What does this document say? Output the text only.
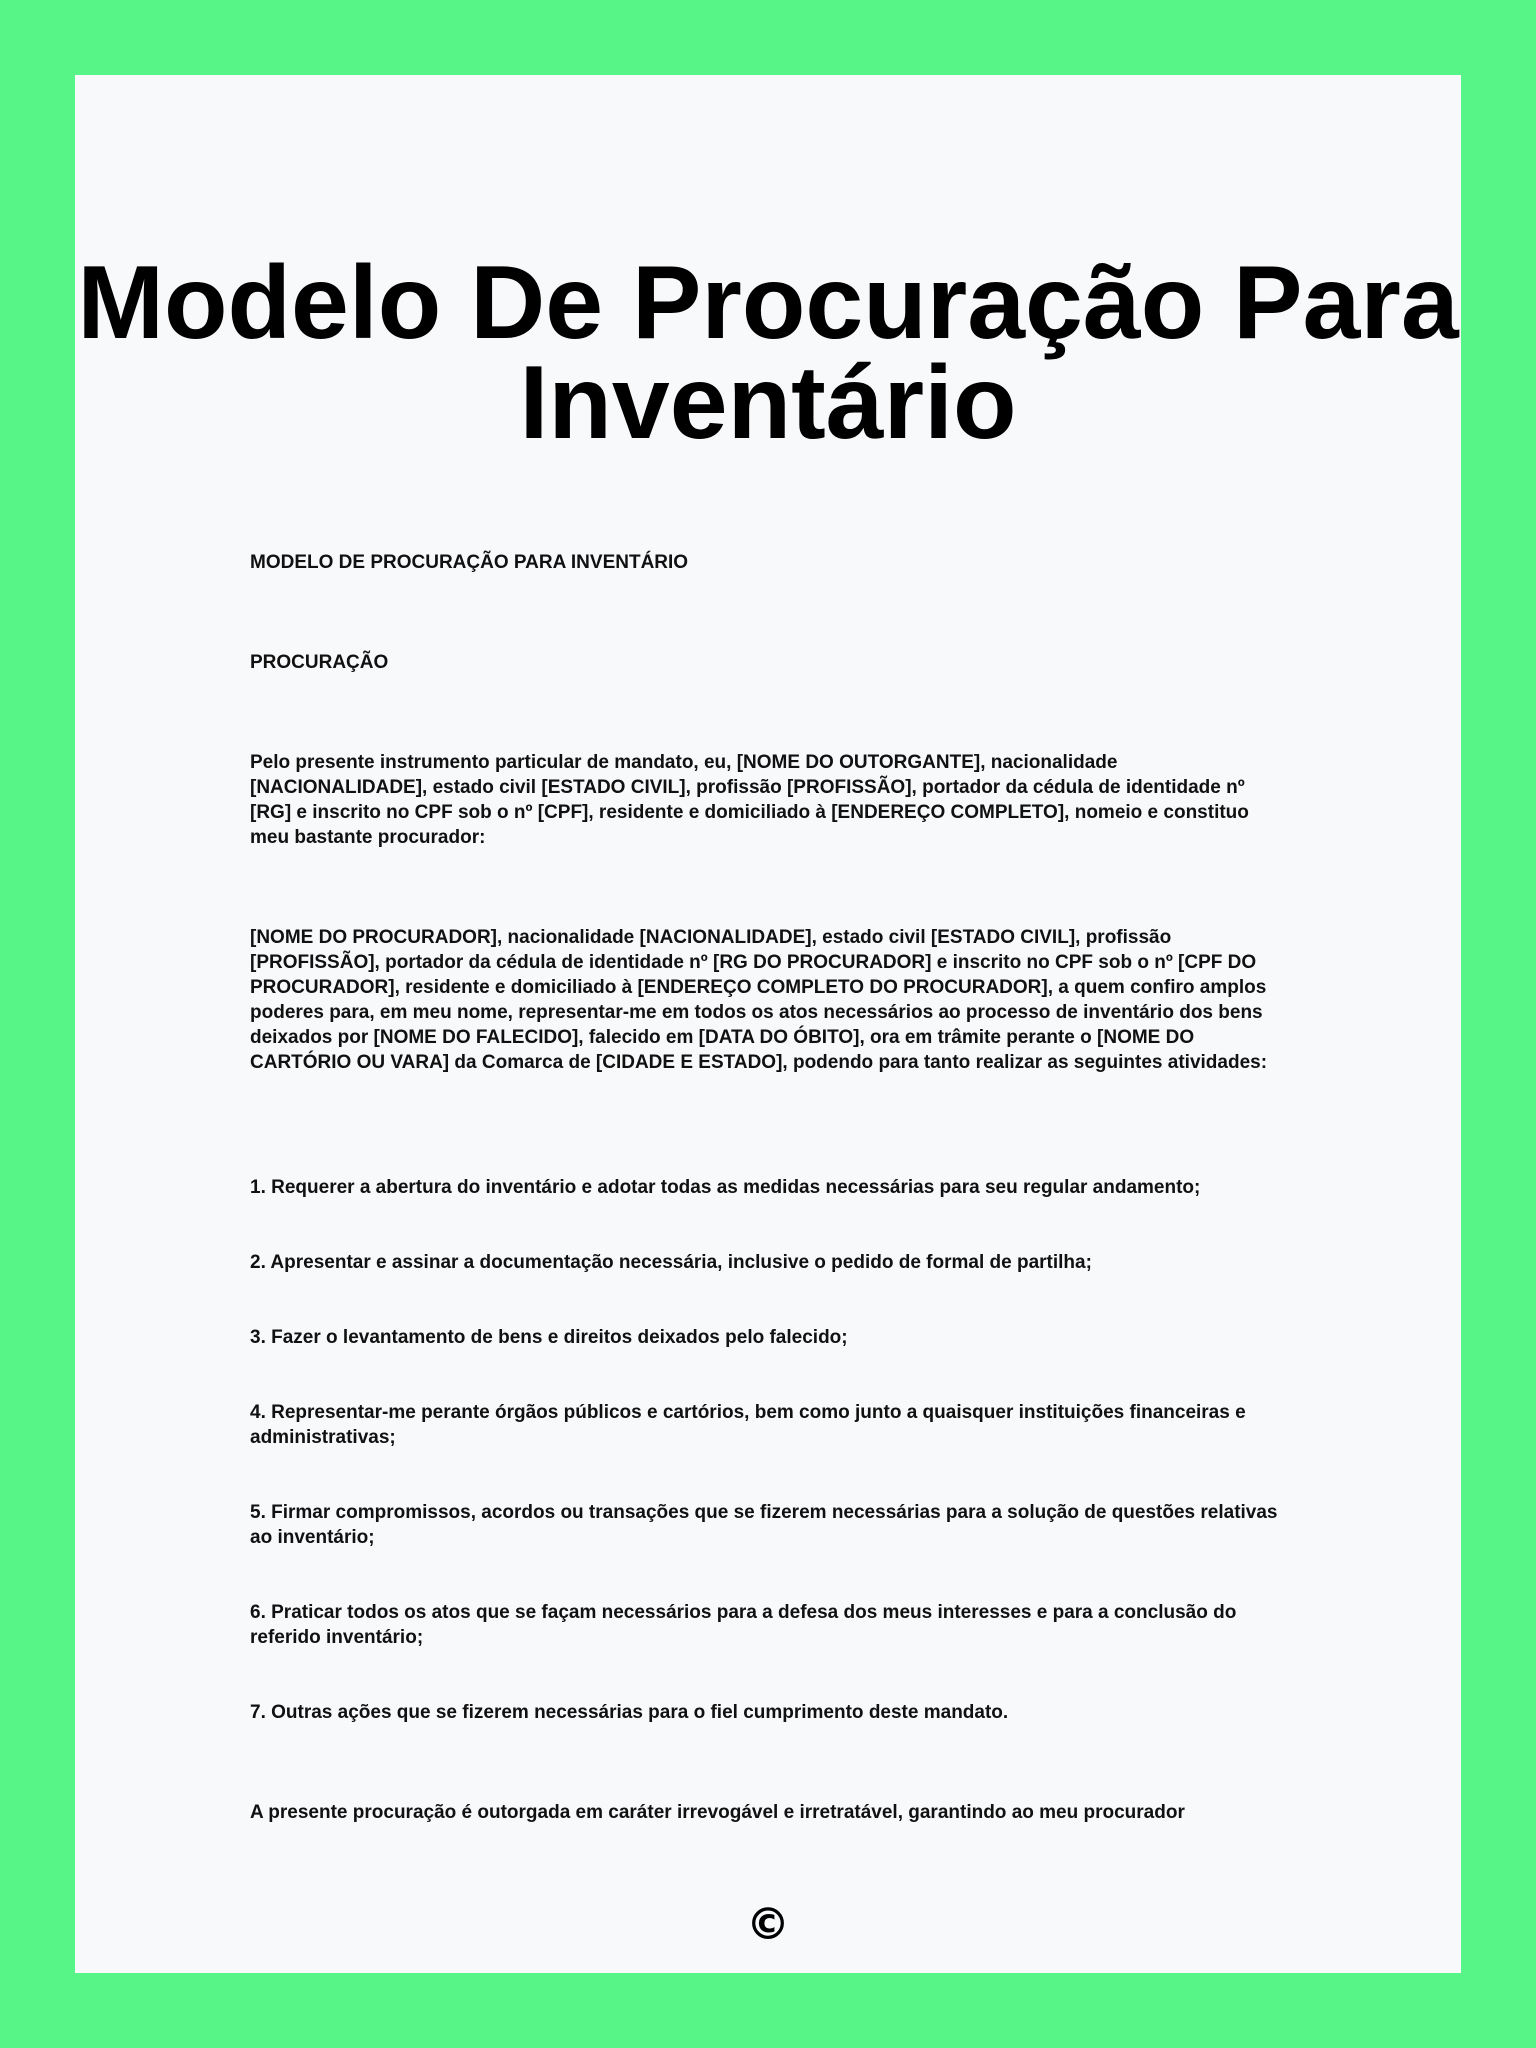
Modelo De Procuração Para Inventário

MODELO DE PROCURAÇÃO PARA INVENTÁRIO

PROCURAÇÃO

Pelo presente instrumento particular de mandato, eu, [NOME DO OUTORGANTE], nacionalidade [NACIONALIDADE], estado civil [ESTADO CIVIL], profissão [PROFISSÃO], portador da cédula de identidade nº [RG] e inscrito no CPF sob o nº [CPF], residente e domiciliado à [ENDEREÇO COMPLETO], nomeio e constituo meu bastante procurador:

[NOME DO PROCURADOR], nacionalidade [NACIONALIDADE], estado civil [ESTADO CIVIL], profissão [PROFISSÃO], portador da cédula de identidade nº [RG DO PROCURADOR] e inscrito no CPF sob o nº [CPF DO PROCURADOR], residente e domiciliado à [ENDEREÇO COMPLETO DO PROCURADOR], a quem confiro amplos poderes para, em meu nome, representar-me em todos os atos necessários ao processo de inventário dos bens deixados por [NOME DO FALECIDO], falecido em [DATA DO ÓBITO], ora em trâmite perante o [NOME DO CARTÓRIO OU VARA] da Comarca de [CIDADE E ESTADO], podendo para tanto realizar as seguintes atividades:

1. Requerer a abertura do inventário e adotar todas as medidas necessárias para seu regular andamento;

2. Apresentar e assinar a documentação necessária, inclusive o pedido de formal de partilha;

3. Fazer o levantamento de bens e direitos deixados pelo falecido;

4. Representar-me perante órgãos públicos e cartórios, bem como junto a quaisquer instituições financeiras e administrativas;

5. Firmar compromissos, acordos ou transações que se fizerem necessárias para a solução de questões relativas ao inventário;

6. Praticar todos os atos que se façam necessários para a defesa dos meus interesses e para a conclusão do referido inventário;

7. Outras ações que se fizerem necessárias para o fiel cumprimento deste mandato.

A presente procuração é outorgada em caráter irrevogável e irretratável, garantindo ao meu procurador

©
